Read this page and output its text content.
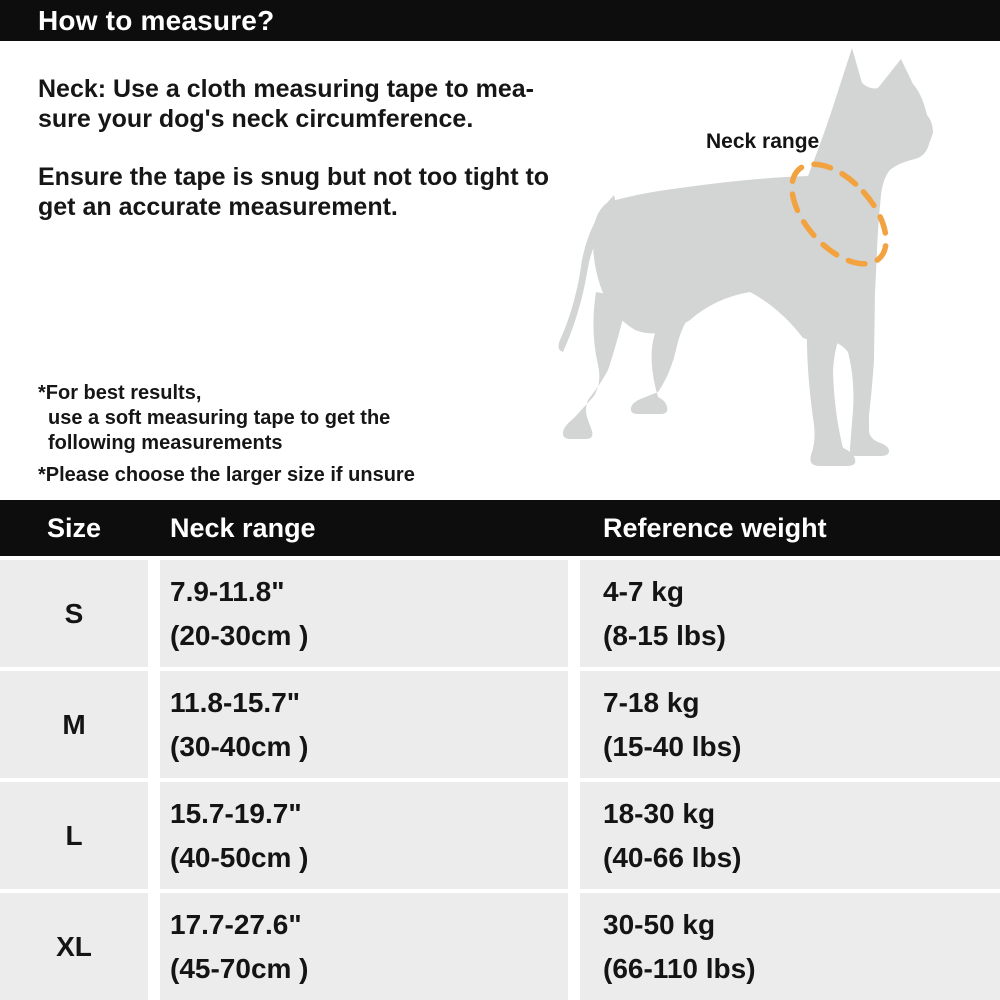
How to measure?

Neck: Use a cloth measuring tape to mea-
sure your dog's neck circumference.

Ensure the tape is snug but not too tight to
get an accurate measurement.

Neck range

*For best results,
use a soft measuring tape to get the
following measurements

*Please choose the larger size if unsure

Size	Neck range	Reference weight
S
7.9-11.8"
(20-30cm )
4-7 kg
(8-15 lbs)
M
11.8-15.7"
(30-40cm )
7-18 kg
(15-40 lbs)
L
15.7-19.7"
(40-50cm )
18-30 kg
(40-66 lbs)
XL
17.7-27.6"
(45-70cm )
30-50 kg
(66-110 lbs)
